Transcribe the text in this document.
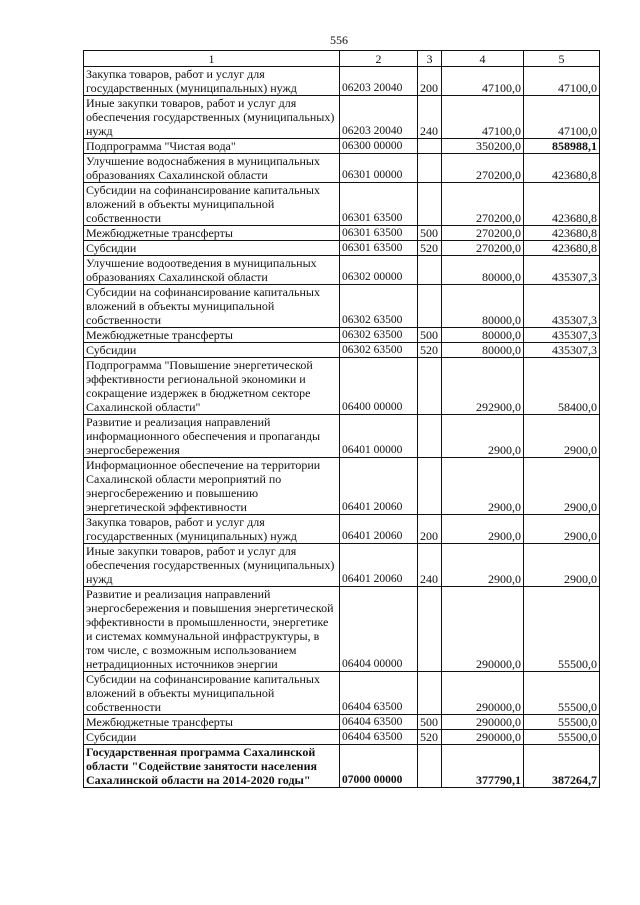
556
1	2	3	4	5
Закупка товаров, работ и услуг для государственных (муниципальных) нужд	06203 20040	200	47100,0	47100,0
Иные закупки товаров, работ и услуг для обеспечения государственных (муниципальных) нужд	06203 20040	240	47100,0	47100,0
Подпрограмма "Чистая вода"	06300 00000		350200,0	858988,1
Улучшение водоснабжения в муниципальных образованиях Сахалинской области	06301 00000		270200,0	423680,8
Субсидии на софинансирование капитальных вложений в объекты муниципальной собственности	06301 63500		270200,0	423680,8
Межбюджетные трансферты	06301 63500	500	270200,0	423680,8
Субсидии	06301 63500	520	270200,0	423680,8
Улучшение водоотведения в муниципальных образованиях Сахалинской области	06302 00000		80000,0	435307,3
Субсидии на софинансирование капитальных вложений в объекты муниципальной собственности	06302 63500		80000,0	435307,3
Межбюджетные трансферты	06302 63500	500	80000,0	435307,3
Субсидии	06302 63500	520	80000,0	435307,3
Подпрограмма "Повышение энергетической эффективности региональной экономики и сокращение издержек в бюджетном секторе Сахалинской области"	06400 00000		292900,0	58400,0
Развитие и реализация направлений информационного обеспечения и пропаганды энергосбережения	06401 00000		2900,0	2900,0
Информационное обеспечение на территории Сахалинской области мероприятий по энергосбережению и повышению энергетической эффективности	06401 20060		2900,0	2900,0
Закупка товаров, работ и услуг для государственных (муниципальных) нужд	06401 20060	200	2900,0	2900,0
Иные закупки товаров, работ и услуг для обеспечения государственных (муниципальных) нужд	06401 20060	240	2900,0	2900,0
Развитие и реализация направлений энергосбережения и повышения энергетической эффективности в промышленности, энергетике и системах коммунальной инфраструктуры, в том числе, с возможным использованием нетрадиционных источников энергии	06404 00000		290000,0	55500,0
Субсидии на софинансирование капитальных вложений в объекты муниципальной собственности	06404 63500		290000,0	55500,0
Межбюджетные трансферты	06404 63500	500	290000,0	55500,0
Субсидии	06404 63500	520	290000,0	55500,0
Государственная программа Сахалинской области "Содействие занятости населения Сахалинской области на 2014-2020 годы"	07000 00000		377790,1	387264,7
